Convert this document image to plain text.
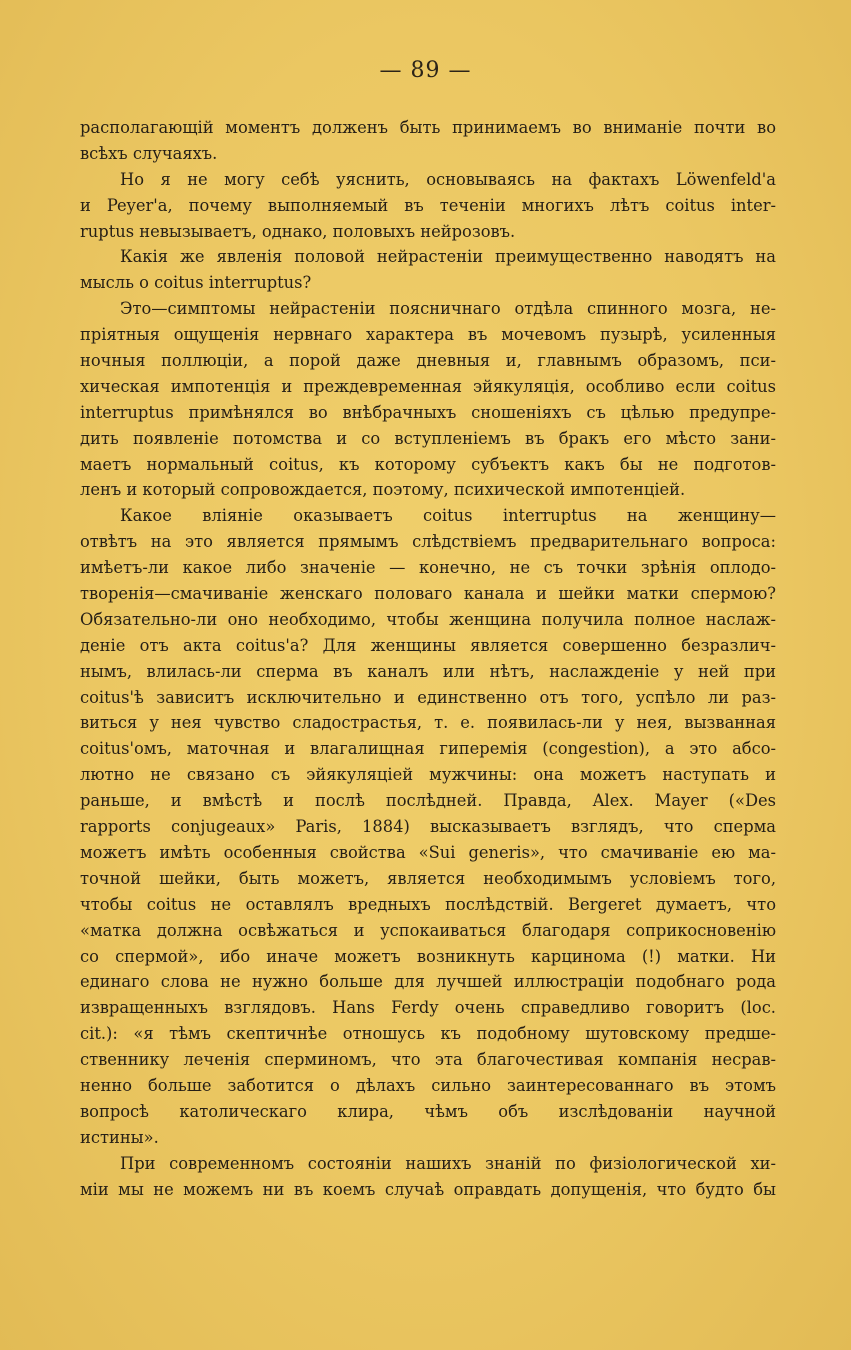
— 89 —
располагающій моментъ долженъ быть принимаемъ во вниманіе почти во
всѣхъ случаяхъ.
Но я не могу себѣ уяснить, основываясь на фактахъ Löwenfeld'а
и Peyer'а, почему выполняемый въ теченіи многихъ лѣтъ coitus inter-
ruptus невызываетъ, однако, половыхъ нейрозовъ.
Какія же явленія половой нейрастеніи преимущественно наводятъ на
мысль о coitus interruptus?
Это—симптомы нейрастеніи поясничнаго отдѣла спинного мозга, не-
пріятныя ощущенія нервнаго характера въ мочевомъ пузырѣ, усиленныя
ночныя поллюціи, а порой даже дневныя и, главнымъ образомъ, пси-
хическая импотенція и преждевременная эйякуляція, особливо если coitus
interruptus примѣнялся во внѣбрачныхъ сношеніяхъ съ цѣлью предупре-
дить появленіе потомства и со вступленіемъ въ бракъ его мѣсто зани-
маетъ нормальный coitus, къ которому субъектъ какъ бы не подготов-
ленъ и который сопровождается, поэтому, психической импотенціей.
Какое вліяніе оказываетъ coitus interruptus на женщину—
отвѣтъ на это является прямымъ слѣдствіемъ предварительнаго вопроса:
имѣетъ-ли какое либо значеніе — конечно, не съ точки зрѣнія оплодо-
творенія—смачиваніе женскаго половаго канала и шейки матки спермою?
Обязательно-ли оно необходимо, чтобы женщина получила полное наслаж-
деніе отъ акта coitus'а? Для женщины является совершенно безразлич-
нымъ, влилась-ли сперма въ каналъ или нѣтъ, наслажденіе у ней при
coitus'ѣ зависитъ исключительно и единственно отъ того, успѣло ли раз-
виться у нея чувство сладострастья, т. е. появилась-ли у нея, вызванная
coitus'омъ, маточная и влагалищная гиперемія (congestion), а это абсо-
лютно не связано съ эйякуляціей мужчины: она можетъ наступать и
раньше, и вмѣстѣ и послѣ послѣдней. Правда, Alex. Mayer («Des
rapports conjugeaux» Paris, 1884) высказываетъ взглядъ, что сперма
можетъ имѣть особенныя свойства «Sui generis», что смачиваніе ею ма-
точной шейки, быть можетъ, является необходимымъ условіемъ того,
чтобы coitus не оставлялъ вредныхъ послѣдствій. Bergeret думаетъ, что
«матка должна освѣжаться и успокаиваться благодаря соприкосновенію
со спермой», ибо иначе можетъ возникнуть карцинома (!) матки. Ни
единаго слова не нужно больше для лучшей иллюстраціи подобнаго рода
извращенныхъ взглядовъ. Hans Ferdy очень справедливо говоритъ (loc.
cit.): «я тѣмъ скептичнѣе отношусь къ подобному шутовскому предше-
ственнику леченія сперминомъ, что эта благочестивая компанія несрав-
ненно больше заботится о дѣлахъ сильно заинтересованнаго въ этомъ
вопросѣ католическаго клира, чѣмъ объ изслѣдованіи научной
истины».
При современномъ состояніи нашихъ знаній по физіологической хи-
міи мы не можемъ ни въ коемъ случаѣ оправдать допущенія, что будто бы
